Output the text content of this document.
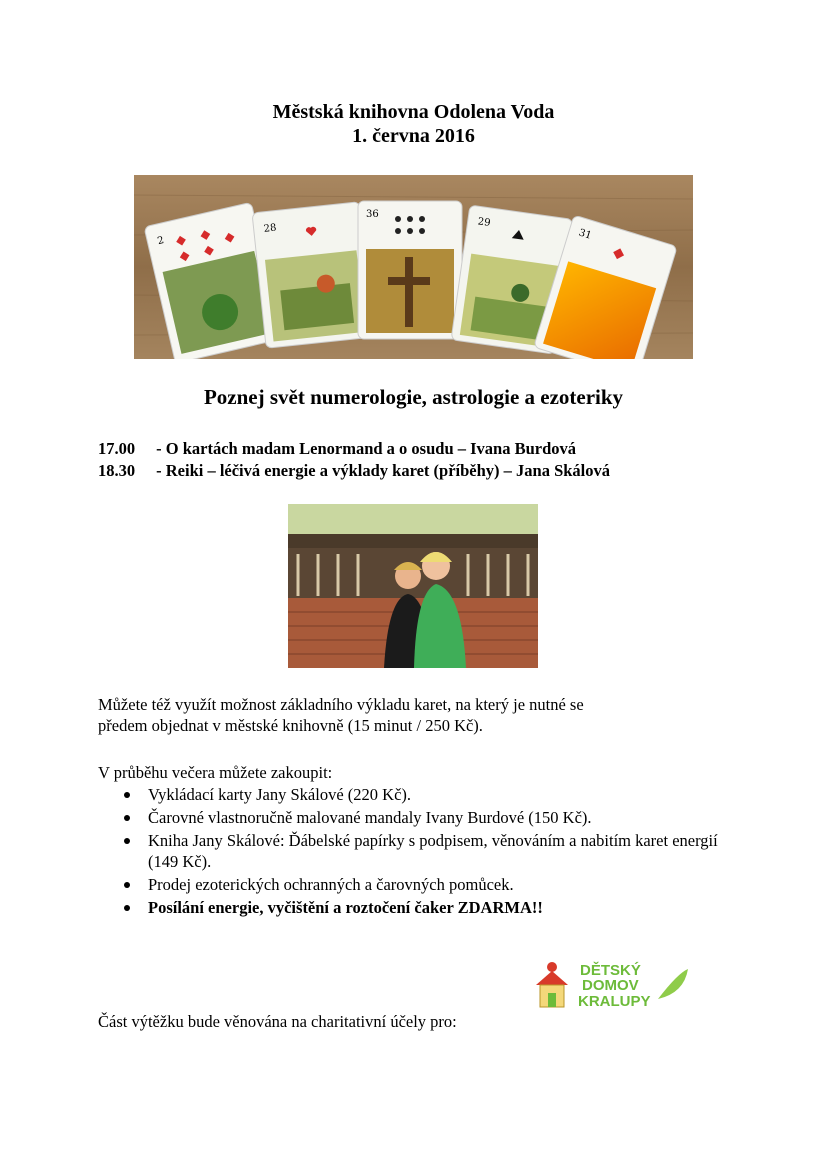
Městská knihovna Odolena Voda
1. června 2016
2
28
36
29
31
Poznej svět numerologie, astrologie a ezoteriky
17.00 - O kartách madam Lenormand a o osudu – Ivana Burdová
18.30 - Reiki – léčivá energie a výklady karet (příběhy) – Jana Skálová
Můžete též využít možnost základního výkladu karet, na který je nutné se
předem objednat v městské knihovně (15 minut / 250 Kč).
V průběhu večera můžete zakoupit:
Vykládací karty Jany Skálové (220 Kč).
Čarovné vlastnoručně malované mandaly Ivany Burdové (150 Kč).
Kniha Jany Skálové: Ďábelské papírky s podpisem, věnováním a nabitím karet energií (149 Kč).
Prodej ezoterických ochranných a čarovných pomůcek.
Posílání energie, vyčištění a roztočení čaker ZDARMA!!
Část výtěžku bude věnována na charitativní účely pro:
DĚTSKÝ
DOMOV
KRALUPY
